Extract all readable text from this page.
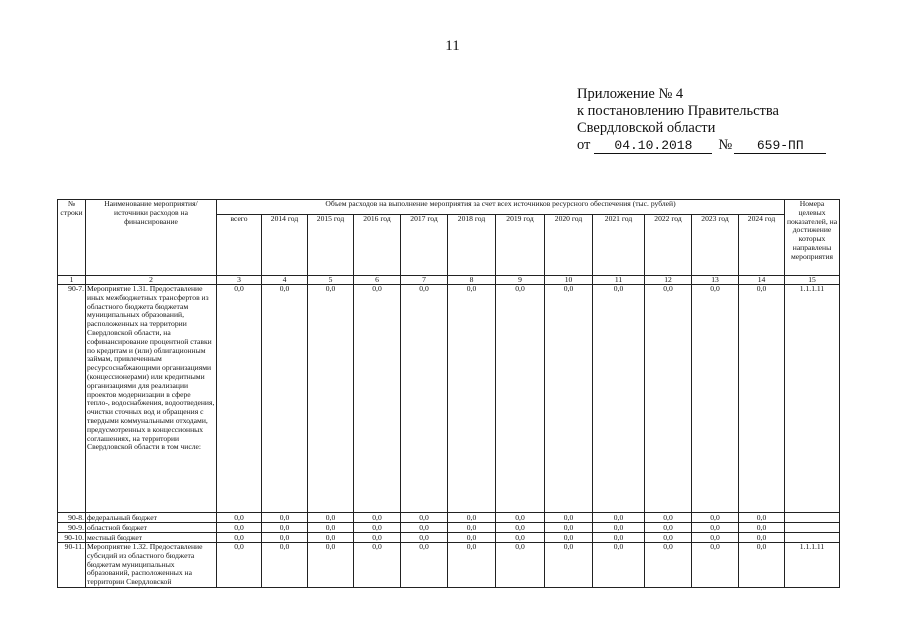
11
Приложение № 4
к постановлению Правительства
Свердловской области
от 04.10.2018 № 659-ПП
№ строки	Наименование мероприятия/ источники расходов на финансирование	Объем расходов на выполнение мероприятия за счет всех источников ресурсного обеспечения (тыс. рублей)												Номера целевых показателей, на достижение которых направлены мероприятия
		всего	2014 год	2015 год	2016 год	2017 год	2018 год	2019 год	2020 год	2021 год	2022 год	2023 год	2024 год	
1	2	3	4	5	6	7	8	9	10	11	12	13	14	15
90-7.	Мероприятие 1.31. Предоставление иных межбюджетных трансфертов из областного бюджета бюджетам муниципальных образований, расположенных на территории Свердловской области, на софинансирование процентной ставки по кредитам и (или) облигационным займам, привлеченным ресурсоснабжающими организациями (концессионерами) или кредитными организациями для реализации проектов модернизации в сфере тепло-, водоснабжения, водоотведения, очистки сточных вод и обращения с твердыми коммунальными отходами, предусмотренных в концессионных соглашениях, на территории Свердловской области в том числе:	0,0	0,0	0,0	0,0	0,0	0,0	0,0	0,0	0,0	0,0	0,0	0,0	1.1.1.11
90-8.	федеральный бюджет	0,0	0,0	0,0	0,0	0,0	0,0	0,0	0,0	0,0	0,0	0,0	0,0	
90-9.	областной бюджет	0,0	0,0	0,0	0,0	0,0	0,0	0,0	0,0	0,0	0,0	0,0	0,0	
90-10.	местный бюджет	0,0	0,0	0,0	0,0	0,0	0,0	0,0	0,0	0,0	0,0	0,0	0,0	
90-11.	Мероприятие 1.32. Предоставление субсидий из областного бюджета бюджетам муниципальных образований, расположенных на территории Свердловской	0,0	0,0	0,0	0,0	0,0	0,0	0,0	0,0	0,0	0,0	0,0	0,0	1.1.1.11
